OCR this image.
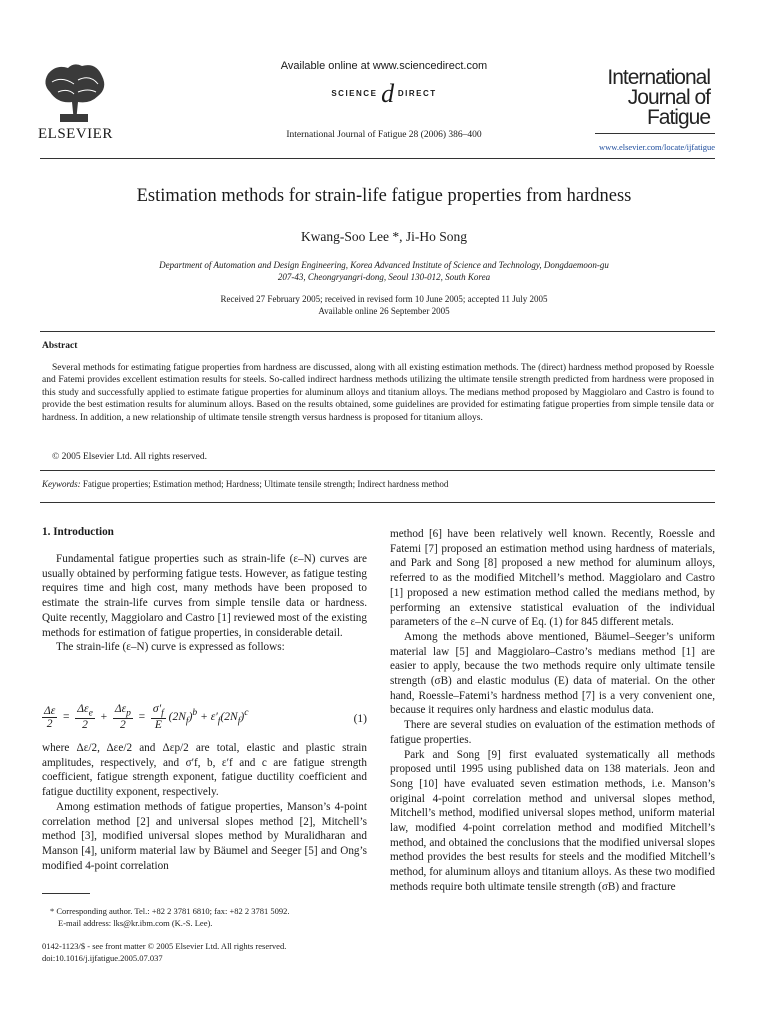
ELSEVIER
Available online at www.sciencedirect.com
SCIENCE d DIRECT
International Journal of Fatigue 28 (2006) 386–400
International
Journal of
Fatigue
www.elsevier.com/locate/ijfatigue
Estimation methods for strain-life fatigue properties from hardness
Kwang-Soo Lee *, Ji-Ho Song
Department of Automation and Design Engineering, Korea Advanced Institute of Science and Technology, Dongdaemoon-gu
207-43, Cheongryangri-dong, Seoul 130-012, South Korea
Received 27 February 2005; received in revised form 10 June 2005; accepted 11 July 2005
Available online 26 September 2005
Abstract
Several methods for estimating fatigue properties from hardness are discussed, along with all existing estimation methods. The (direct) hardness method proposed by Roessle and Fatemi provides excellent estimation results for steels. So-called indirect hardness methods utilizing the ultimate tensile strength predicted from hardness were proposed in this study and successfully applied to estimate fatigue properties for aluminum alloys and titanium alloys. The medians method proposed by Maggiolaro and Castro is found to provide the best estimation results for aluminum alloys. Based on the results obtained, some guidelines are provided for estimating fatigue properties from simple tensile data or hardness. In addition, a new relationship of ultimate tensile strength versus hardness is proposed for titanium alloys.
© 2005 Elsevier Ltd. All rights reserved.
Keywords: Fatigue properties; Estimation method; Hardness; Ultimate tensile strength; Indirect hardness method
1. Introduction

Fundamental fatigue properties such as strain-life (ε–N) curves are usually obtained by performing fatigue tests. However, as fatigue testing requires time and high cost, many methods have been proposed to estimate the strain-life curves from simple tensile data or hardness. Quite recently, Maggiolaro and Castro [1] reviewed most of the existing methods for estimation of fatigue properties, in considerable detail.

The strain-life (ε–N) curve is expressed as follows:

$\frac{\Delta\varepsilon}{2} = \frac{\Delta\varepsilon_e}{2} + \frac{\Delta\varepsilon_p}{2} = \frac{\sigma'_f}{E} (2N_f)^b + \varepsilon'_f(2N_f)^c$
(1)

where Δε/2, Δεe/2 and Δεp/2 are total, elastic and plastic strain amplitudes, respectively, and σ′f, b, ε′f and c are fatigue strength coefficient, fatigue strength exponent, fatigue ductility coefficient and fatigue ductility exponent, respectively.

Among estimation methods of fatigue properties, Manson’s 4-point correlation method [2] and universal slopes method [2], Mitchell’s method [3], modified universal slopes method by Muralidharan and Manson [4], uniform material law by Bäumel and Seeger [5] and Ong’s modified 4-point correlation

* Corresponding author. Tel.: +82 2 3781 6810; fax: +82 2 3781 5092.
E-mail address: lks@kr.ibm.com (K.-S. Lee).
0142-1123/$ - see front matter © 2005 Elsevier Ltd. All rights reserved.
doi:10.1016/j.ijfatigue.2005.07.037

method [6] have been relatively well known. Recently, Roessle and Fatemi [7] proposed an estimation method using hardness of materials, and Park and Song [8] proposed a new method for aluminum alloys, referred to as the modified Mitchell’s method. Maggiolaro and Castro [1] proposed a new estimation method called the medians method, by performing an extensive statistical evaluation of the individual parameters of the ε–N curve of Eq. (1) for 845 different metals.

Among the methods above mentioned, Bäumel–Seeger’s uniform material law [5] and Maggiolaro–Castro’s medians method [1] are easier to apply, because the two methods require only ultimate tensile strength (σB) and elastic modulus (E) data of material. On the other hand, Roessle–Fatemi’s hardness method [7] is a very convenient one, because it requires only hardness and elastic modulus data.

There are several studies on evaluation of the estimation methods of fatigue properties.

Park and Song [9] first evaluated systematically all methods proposed until 1995 using published data on 138 materials. Jeon and Song [10] have evaluated seven estimation methods, i.e. Manson’s original 4-point correlation method and universal slopes method, Mitchell’s method, modified universal slopes method, uniform material law, modified 4-point correlation method and modified Mitchell’s method, and obtained the conclusions that the modified universal slopes method provides the best results for steels and the modified Mitchell’s method, for aluminum alloys and titanium alloys. As these two modified methods require both ultimate tensile strength (σB) and fracture
